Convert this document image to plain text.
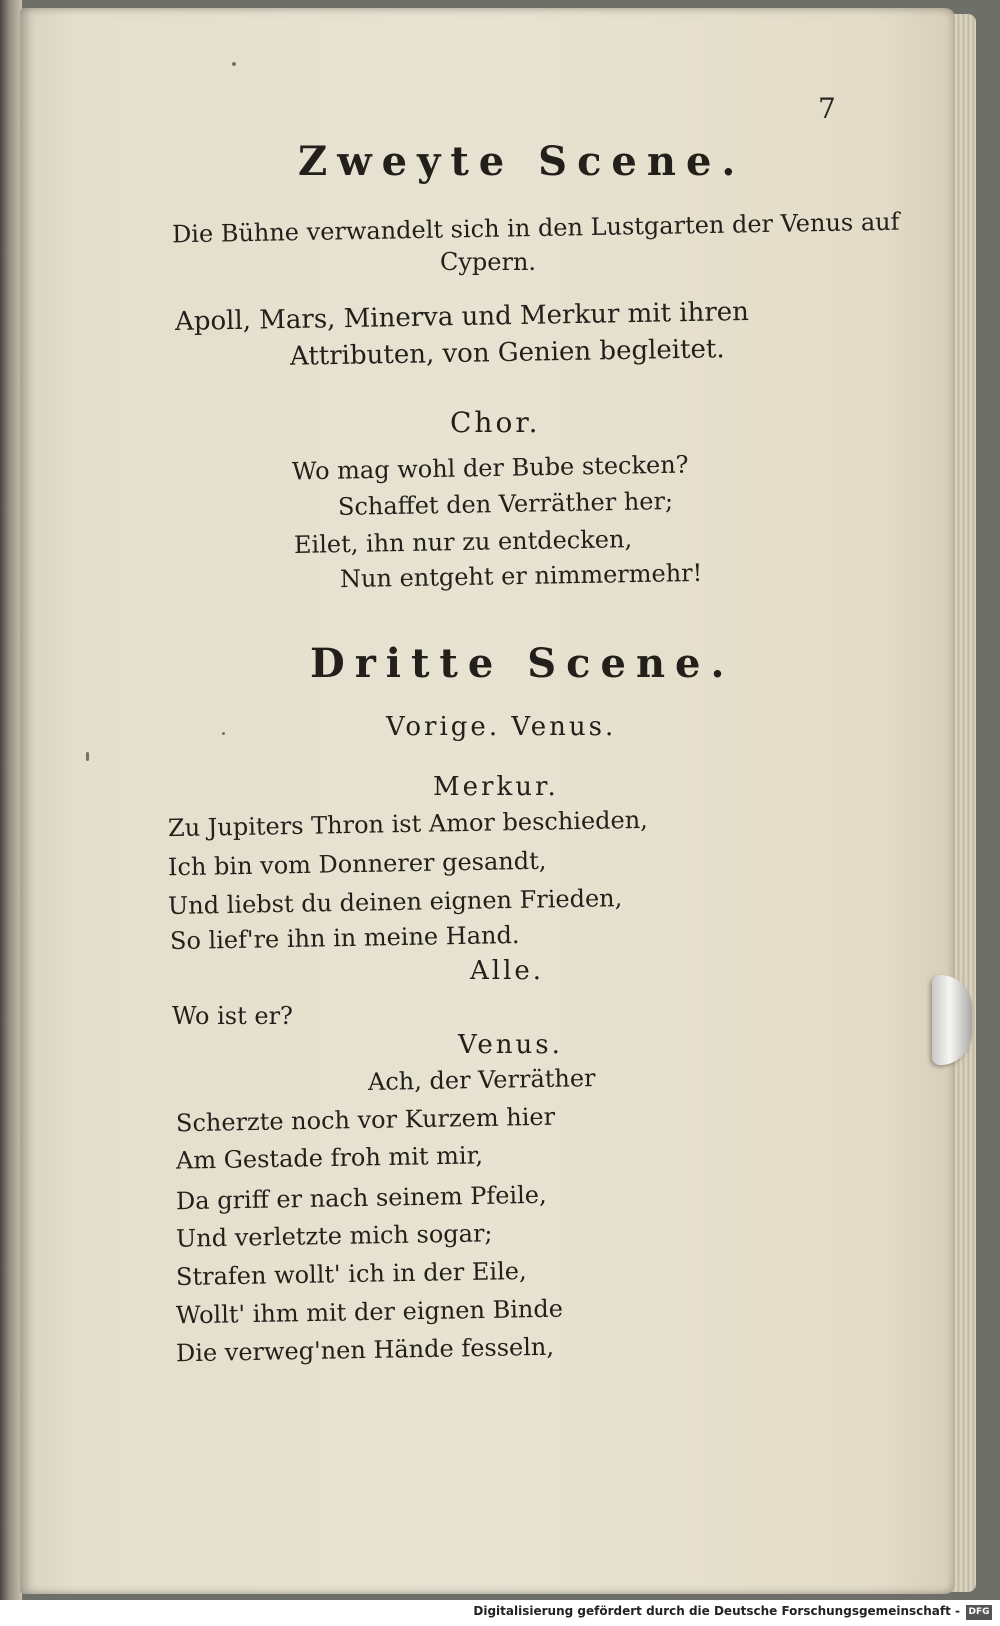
7
Zweyte Scene.
Die Bühne verwandelt sich in den Lustgarten der Venus auf
Cypern.
Apoll, Mars, Minerva und Merkur mit ihren
Attributen, von Genien begleitet.
Chor.
Wo mag wohl der Bube stecken?
Schaffet den Verräther her;
Eilet, ihn nur zu entdecken,
Nun entgeht er nimmermehr!
Dritte Scene.
Vorige. Venus.
Merkur.
Zu Jupiters Thron ist Amor beschieden,
Ich bin vom Donnerer gesandt,
Und liebst du deinen eignen Frieden,
So lief're ihn in meine Hand.
Alle.
Wo ist er?
Venus.
Ach, der Verräther
Scherzte noch vor Kurzem hier
Am Gestade froh mit mir,
Da griff er nach seinem Pfeile,
Und verletzte mich sogar;
Strafen wollt' ich in der Eile,
Wollt' ihm mit der eignen Binde
Die verweg'nen Hände fesseln,
Digitalisierung gefördert durch die Deutsche Forschungsgemeinschaft - DFG
